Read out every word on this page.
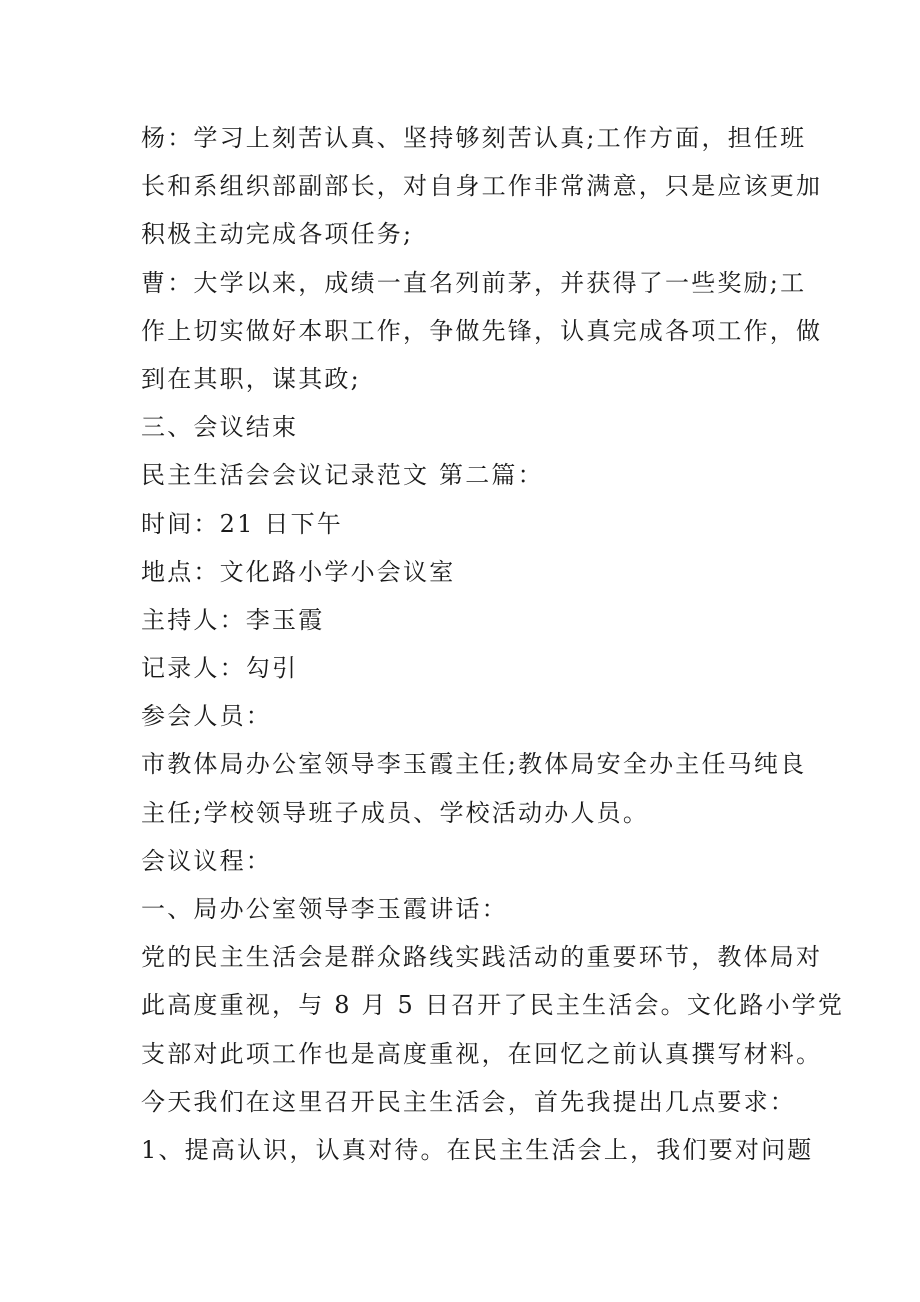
杨：学习上刻苦认真、坚持够刻苦认真;工作方面，担任班
长和系组织部副部长，对自身工作非常满意，只是应该更加
积极主动完成各项任务;
曹：大学以来，成绩一直名列前茅，并获得了一些奖励;工
作上切实做好本职工作，争做先锋，认真完成各项工作，做
到在其职，谋其政;
三、会议结束
民主生活会会议记录范文 第二篇：
时间：21 日下午
地点：文化路小学小会议室
主持人：李玉霞
记录人：勾引
参会人员：
市教体局办公室领导李玉霞主任;教体局安全办主任马纯良
主任;学校领导班子成员、学校活动办人员。
会议议程：
一、局办公室领导李玉霞讲话：
党的民主生活会是群众路线实践活动的重要环节，教体局对
此高度重视，与 8 月 5 日召开了民主生活会。文化路小学党
支部对此项工作也是高度重视，在回忆之前认真撰写材料。
今天我们在这里召开民主生活会，首先我提出几点要求：
1、提高认识，认真对待。在民主生活会上，我们要对问题
